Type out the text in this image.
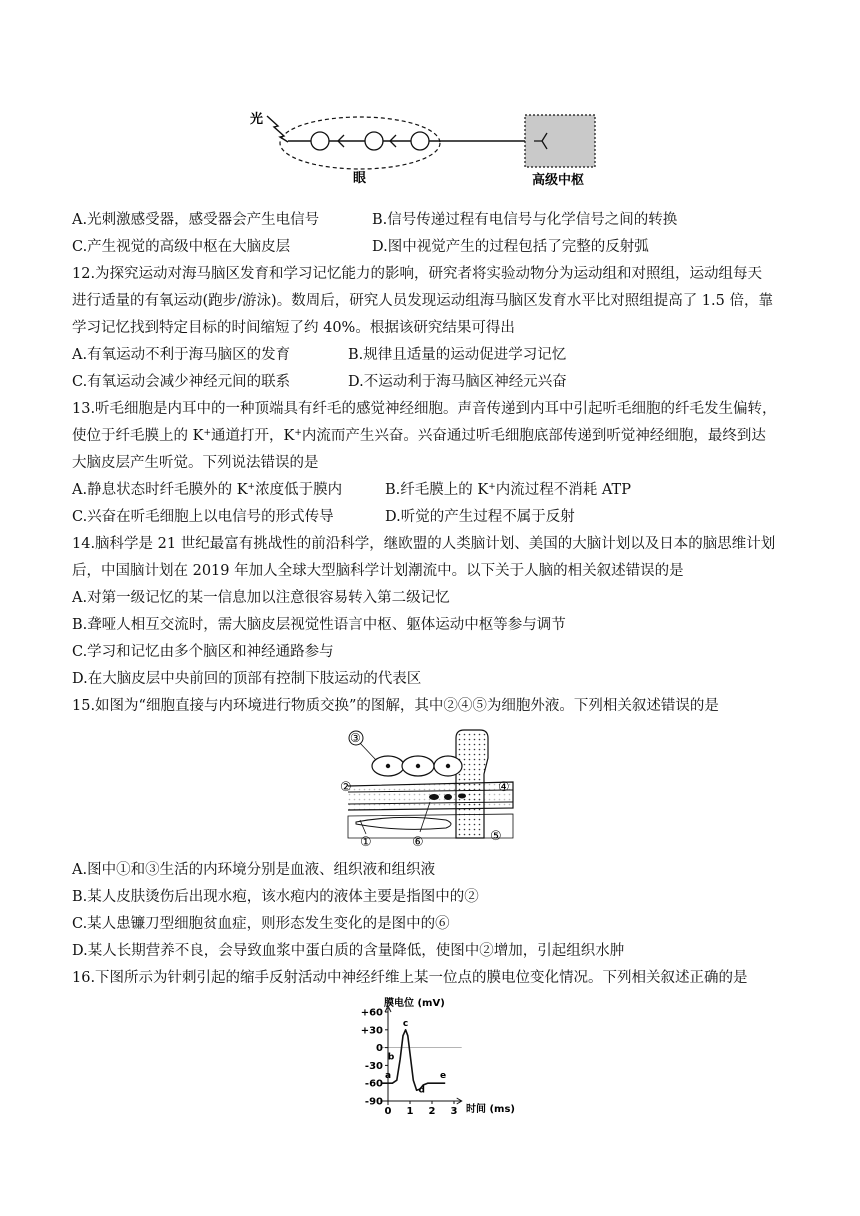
光
眼	高级中枢
A.光刺激感受器，感受器会产生电信号	B.信号传递过程有电信号与化学信号之间的转换
C.产生视觉的高级中枢在大脑皮层	D.图中视觉产生的过程包括了完整的反射弧
12.为探究运动对海马脑区发育和学习记忆能力的影响，研究者将实验动物分为运动组和对照组，运动组每天
进行适量的有氧运动(跑步/游泳)。数周后，研究人员发现运动组海马脑区发育水平比对照组提高了 1.5 倍，靠
学习记忆找到特定目标的时间缩短了约 40%。根据该研究结果可得出
A.有氧运动不利于海马脑区的发育	B.规律且适量的运动促进学习记忆
C.有氧运动会减少神经元间的联系	D.不运动利于海马脑区神经元兴奋
13.听毛细胞是内耳中的一种顶端具有纤毛的感觉神经细胞。声音传递到内耳中引起听毛细胞的纤毛发生偏转，
使位于纤毛膜上的 K+通道打开，K+内流而产生兴奋。兴奋通过听毛细胞底部传递到听觉神经细胞，最终到达
大脑皮层产生听觉。下列说法错误的是
A.静息状态时纤毛膜外的 K+浓度低于膜内	B.纤毛膜上的 K+内流过程不消耗 ATP
C.兴奋在听毛细胞上以电信号的形式传导	D.听觉的产生过程不属于反射
14.脑科学是 21 世纪最富有挑战性的前沿科学，继欧盟的人类脑计划、美国的大脑计划以及日本的脑思维计划
后，中国脑计划在 2019 年加人全球大型脑科学计划潮流中。以下关于人脑的相关叙述错误的是
A.对第一级记忆的某一信息加以注意很容易转入第二级记忆
B.聋哑人相互交流时，需大脑皮层视觉性语言中枢、躯体运动中枢等参与调节
C.学习和记忆由多个脑区和神经通路参与
D.在大脑皮层中央前回的顶部有控制下肢运动的代表区
15.如图为“细胞直接与内环境进行物质交换”的图解，其中②④⑤为细胞外液。下列相关叙述错误的是
③
②	④
①	⑥	⑤
A.图中①和③生活的内环境分别是血液、组织液和组织液
B.某人皮肤烫伤后出现水疱，该水疱内的液体主要是指图中的②
C.某人患镰刀型细胞贫血症，则形态发生变化的是图中的⑥
D.某人长期营养不良，会导致血浆中蛋白质的含量降低，使图中②增加，引起组织水肿
16.下图所示为针刺引起的缩手反射活动中神经纤维上某一位点的膜电位变化情况。下列相关叙述正确的是
膜电位 (mV)
时间 (ms)
+60
+30
0
-30
-60
-90
0 1 2 3
a
b
c
d
e
